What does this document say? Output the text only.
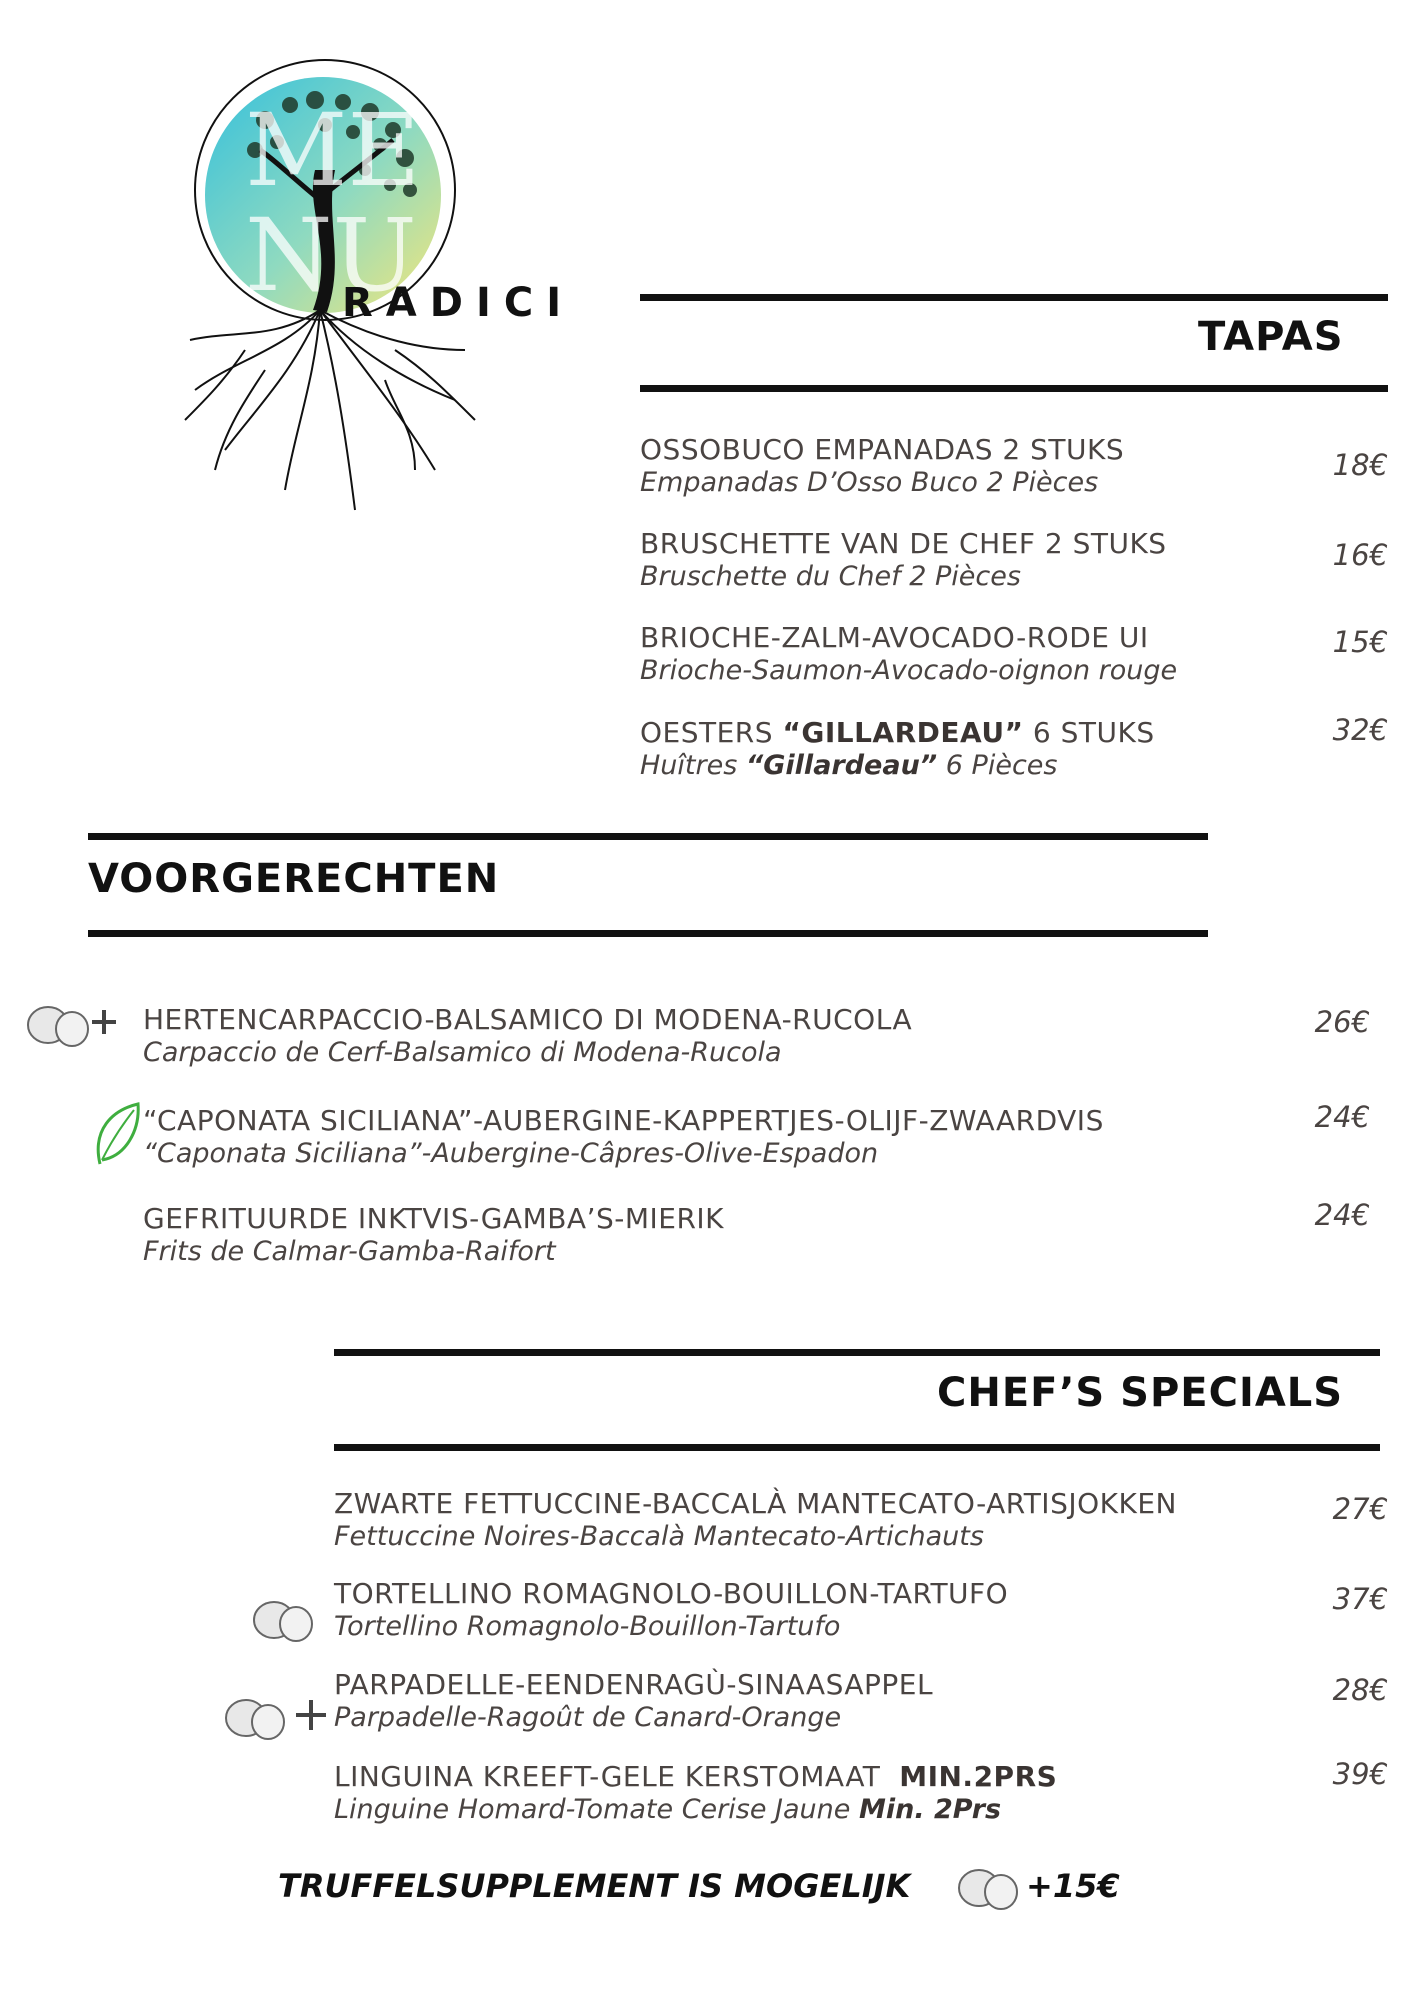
ME
NU
RADICI
TAPAS
OSSOBUCO EMPANADAS 2 STUKS
Empanadas D’Osso Buco 2 Pièces
18€
BRUSCHETTE VAN DE CHEF 2 STUKS
Bruschette du Chef 2 Pièces
16€
BRIOCHE-ZALM-AVOCADO-RODE UI
Brioche-Saumon-Avocado-oignon rouge
15€
OESTERS “GILLARDEAU” 6 STUKS
Huîtres “Gillardeau” 6 Pièces
32€
VOORGERECHTEN
HERTENCARPACCIO-BALSAMICO DI MODENA-RUCOLA
Carpaccio de Cerf-Balsamico di Modena-Rucola
26€
“CAPONATA SICILIANA”-AUBERGINE-KAPPERTJES-OLIJF-ZWAARDVIS
“Caponata Siciliana”-Aubergine-Câpres-Olive-Espadon
24€
GEFRITUURDE INKTVIS-GAMBA’S-MIERIK
Frits de Calmar-Gamba-Raifort
24€
CHEF’S SPECIALS
ZWARTE FETTUCCINE-BACCALÀ MANTECATO-ARTISJOKKEN
Fettuccine Noires-Baccalà Mantecato-Artichauts
27€
TORTELLINO ROMAGNOLO-BOUILLON-TARTUFO
Tortellino Romagnolo-Bouillon-Tartufo
37€
PARPADELLE-EENDENRAGÙ-SINAASAPPEL
Parpadelle-Ragoût de Canard-Orange
28€
LINGUINA KREEFT-GELE KERSTOMAAT  MIN.2PRS
Linguine Homard-Tomate Cerise Jaune Min. 2Prs
39€
TRUFFELSUPPLEMENT IS MOGELIJK	+15€
